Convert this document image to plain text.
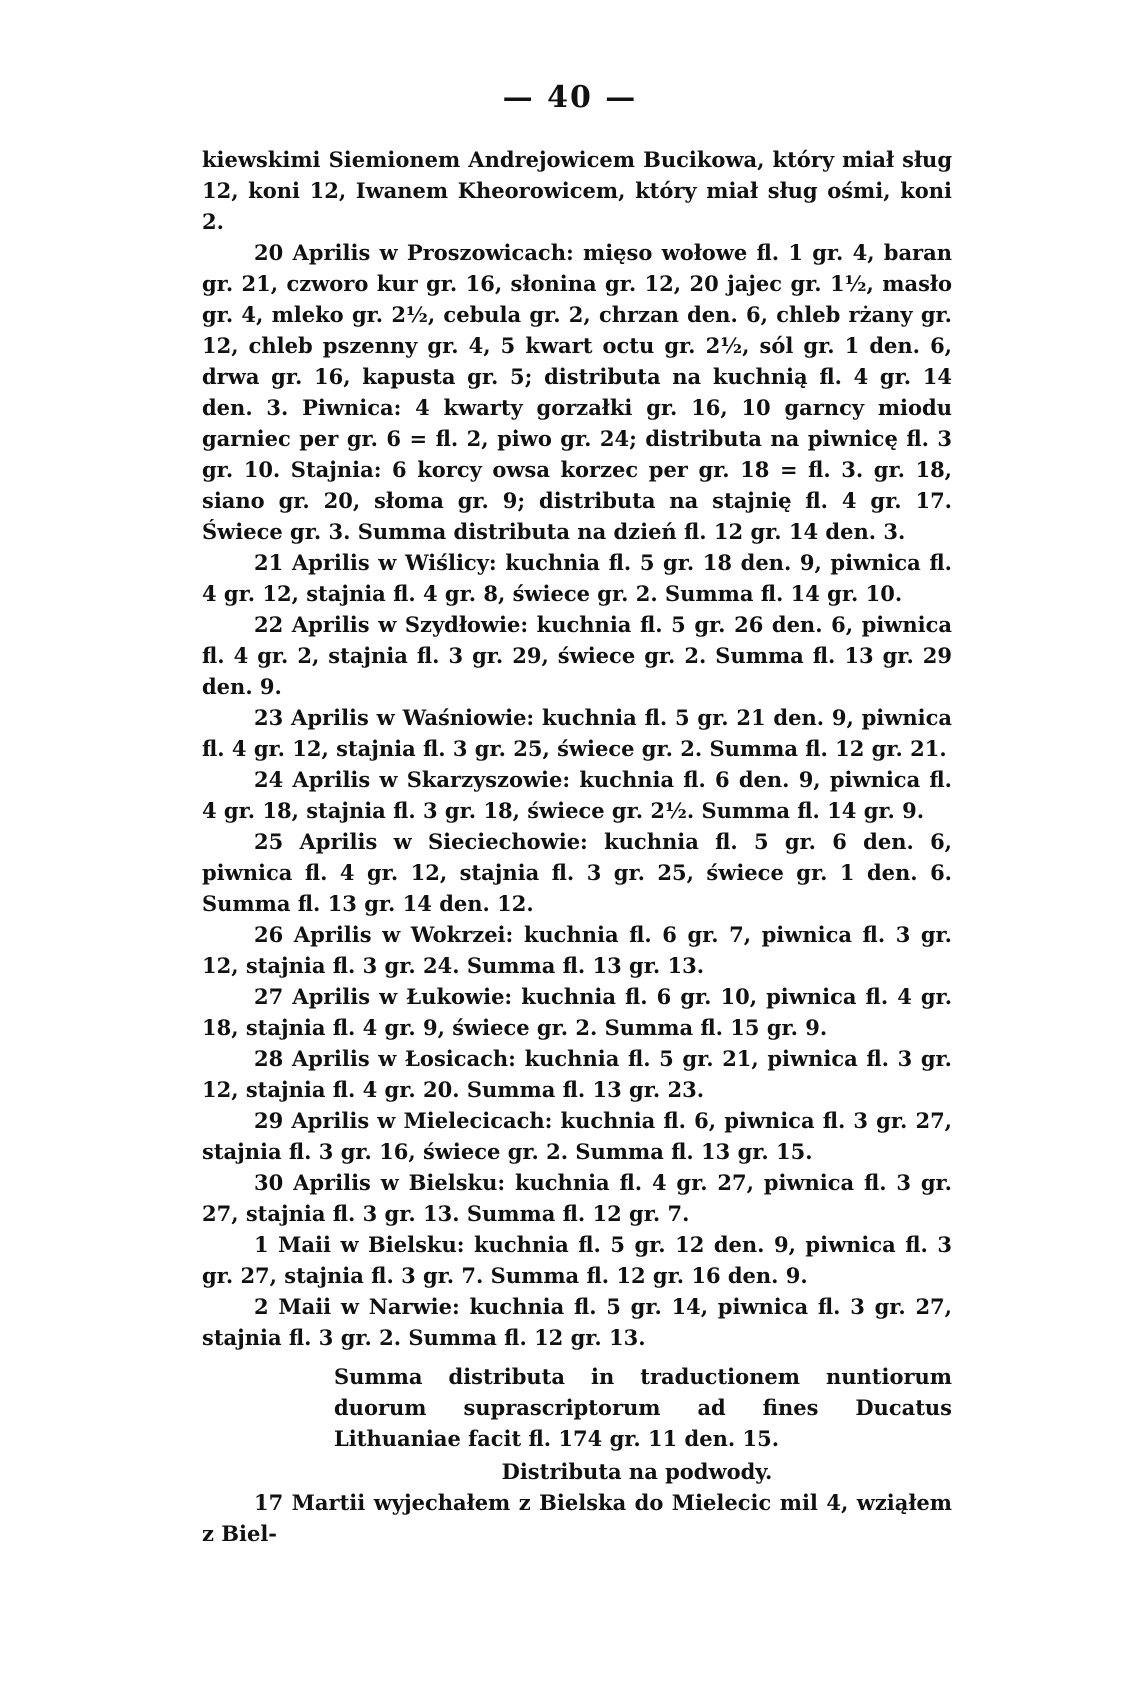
— 40 —

kiewskimi Siemionem Andrejowicem Bucikowa, który miał sług 12, koni 12, Iwanem Kheorowicem, który miał sług ośmi, koni 2.

20 Aprilis w Proszowicach: mięso wołowe fl. 1 gr. 4, baran gr. 21, czworo kur gr. 16, słonina gr. 12, 20 jajec gr. 1½, masło gr. 4, mleko gr. 2½, cebula gr. 2, chrzan den. 6, chleb rżany gr. 12, chleb pszenny gr. 4, 5 kwart octu gr. 2½, sól gr. 1 den. 6, drwa gr. 16, kapusta gr. 5; distributa na kuchnią fl. 4 gr. 14 den. 3. Piwnica: 4 kwarty gorzałki gr. 16, 10 garncy miodu garniec per gr. 6 = fl. 2, piwo gr. 24; distributa na piwnicę fl. 3 gr. 10. Stajnia: 6 korcy owsa korzec per gr. 18 = fl. 3. gr. 18, siano gr. 20, słoma gr. 9; distributa na stajnię fl. 4 gr. 17. Świece gr. 3. Summa distributa na dzień fl. 12 gr. 14 den. 3.

21 Aprilis w Wiślicy: kuchnia fl. 5 gr. 18 den. 9, piwnica fl. 4 gr. 12, stajnia fl. 4 gr. 8, świece gr. 2. Summa fl. 14 gr. 10.

22 Aprilis w Szydłowie: kuchnia fl. 5 gr. 26 den. 6, piwnica fl. 4 gr. 2, stajnia fl. 3 gr. 29, świece gr. 2. Summa fl. 13 gr. 29 den. 9.

23 Aprilis w Waśniowie: kuchnia fl. 5 gr. 21 den. 9, piwnica fl. 4 gr. 12, stajnia fl. 3 gr. 25, świece gr. 2. Summa fl. 12 gr. 21.

24 Aprilis w Skarzyszowie: kuchnia fl. 6 den. 9, piwnica fl. 4 gr. 18, stajnia fl. 3 gr. 18, świece gr. 2½. Summa fl. 14 gr. 9.

25 Aprilis w Sieciechowie: kuchnia fl. 5 gr. 6 den. 6, piwnica fl. 4 gr. 12, stajnia fl. 3 gr. 25, świece gr. 1 den. 6. Summa fl. 13 gr. 14 den. 12.

26 Aprilis w Wokrzei: kuchnia fl. 6 gr. 7, piwnica fl. 3 gr. 12, stajnia fl. 3 gr. 24. Summa fl. 13 gr. 13.

27 Aprilis w Łukowie: kuchnia fl. 6 gr. 10, piwnica fl. 4 gr. 18, stajnia fl. 4 gr. 9, świece gr. 2. Summa fl. 15 gr. 9.

28 Aprilis w Łosicach: kuchnia fl. 5 gr. 21, piwnica fl. 3 gr. 12, stajnia fl. 4 gr. 20. Summa fl. 13 gr. 23.

29 Aprilis w Mielecicach: kuchnia fl. 6, piwnica fl. 3 gr. 27, stajnia fl. 3 gr. 16, świece gr. 2. Summa fl. 13 gr. 15.

30 Aprilis w Bielsku: kuchnia fl. 4 gr. 27, piwnica fl. 3 gr. 27, stajnia fl. 3 gr. 13. Summa fl. 12 gr. 7.

1 Maii w Bielsku: kuchnia fl. 5 gr. 12 den. 9, piwnica fl. 3 gr. 27, stajnia fl. 3 gr. 7. Summa fl. 12 gr. 16 den. 9.

2 Maii w Narwie: kuchnia fl. 5 gr. 14, piwnica fl. 3 gr. 27, stajnia fl. 3 gr. 2. Summa fl. 12 gr. 13.

Summa distributa in traductionem nuntiorum duorum suprascriptorum ad fines Ducatus Lithuaniae facit fl. 174 gr. 11 den. 15.

Distributa na podwody.

17 Martii wyjechałem z Bielska do Mielecic mil 4, wziąłem z Biel-
